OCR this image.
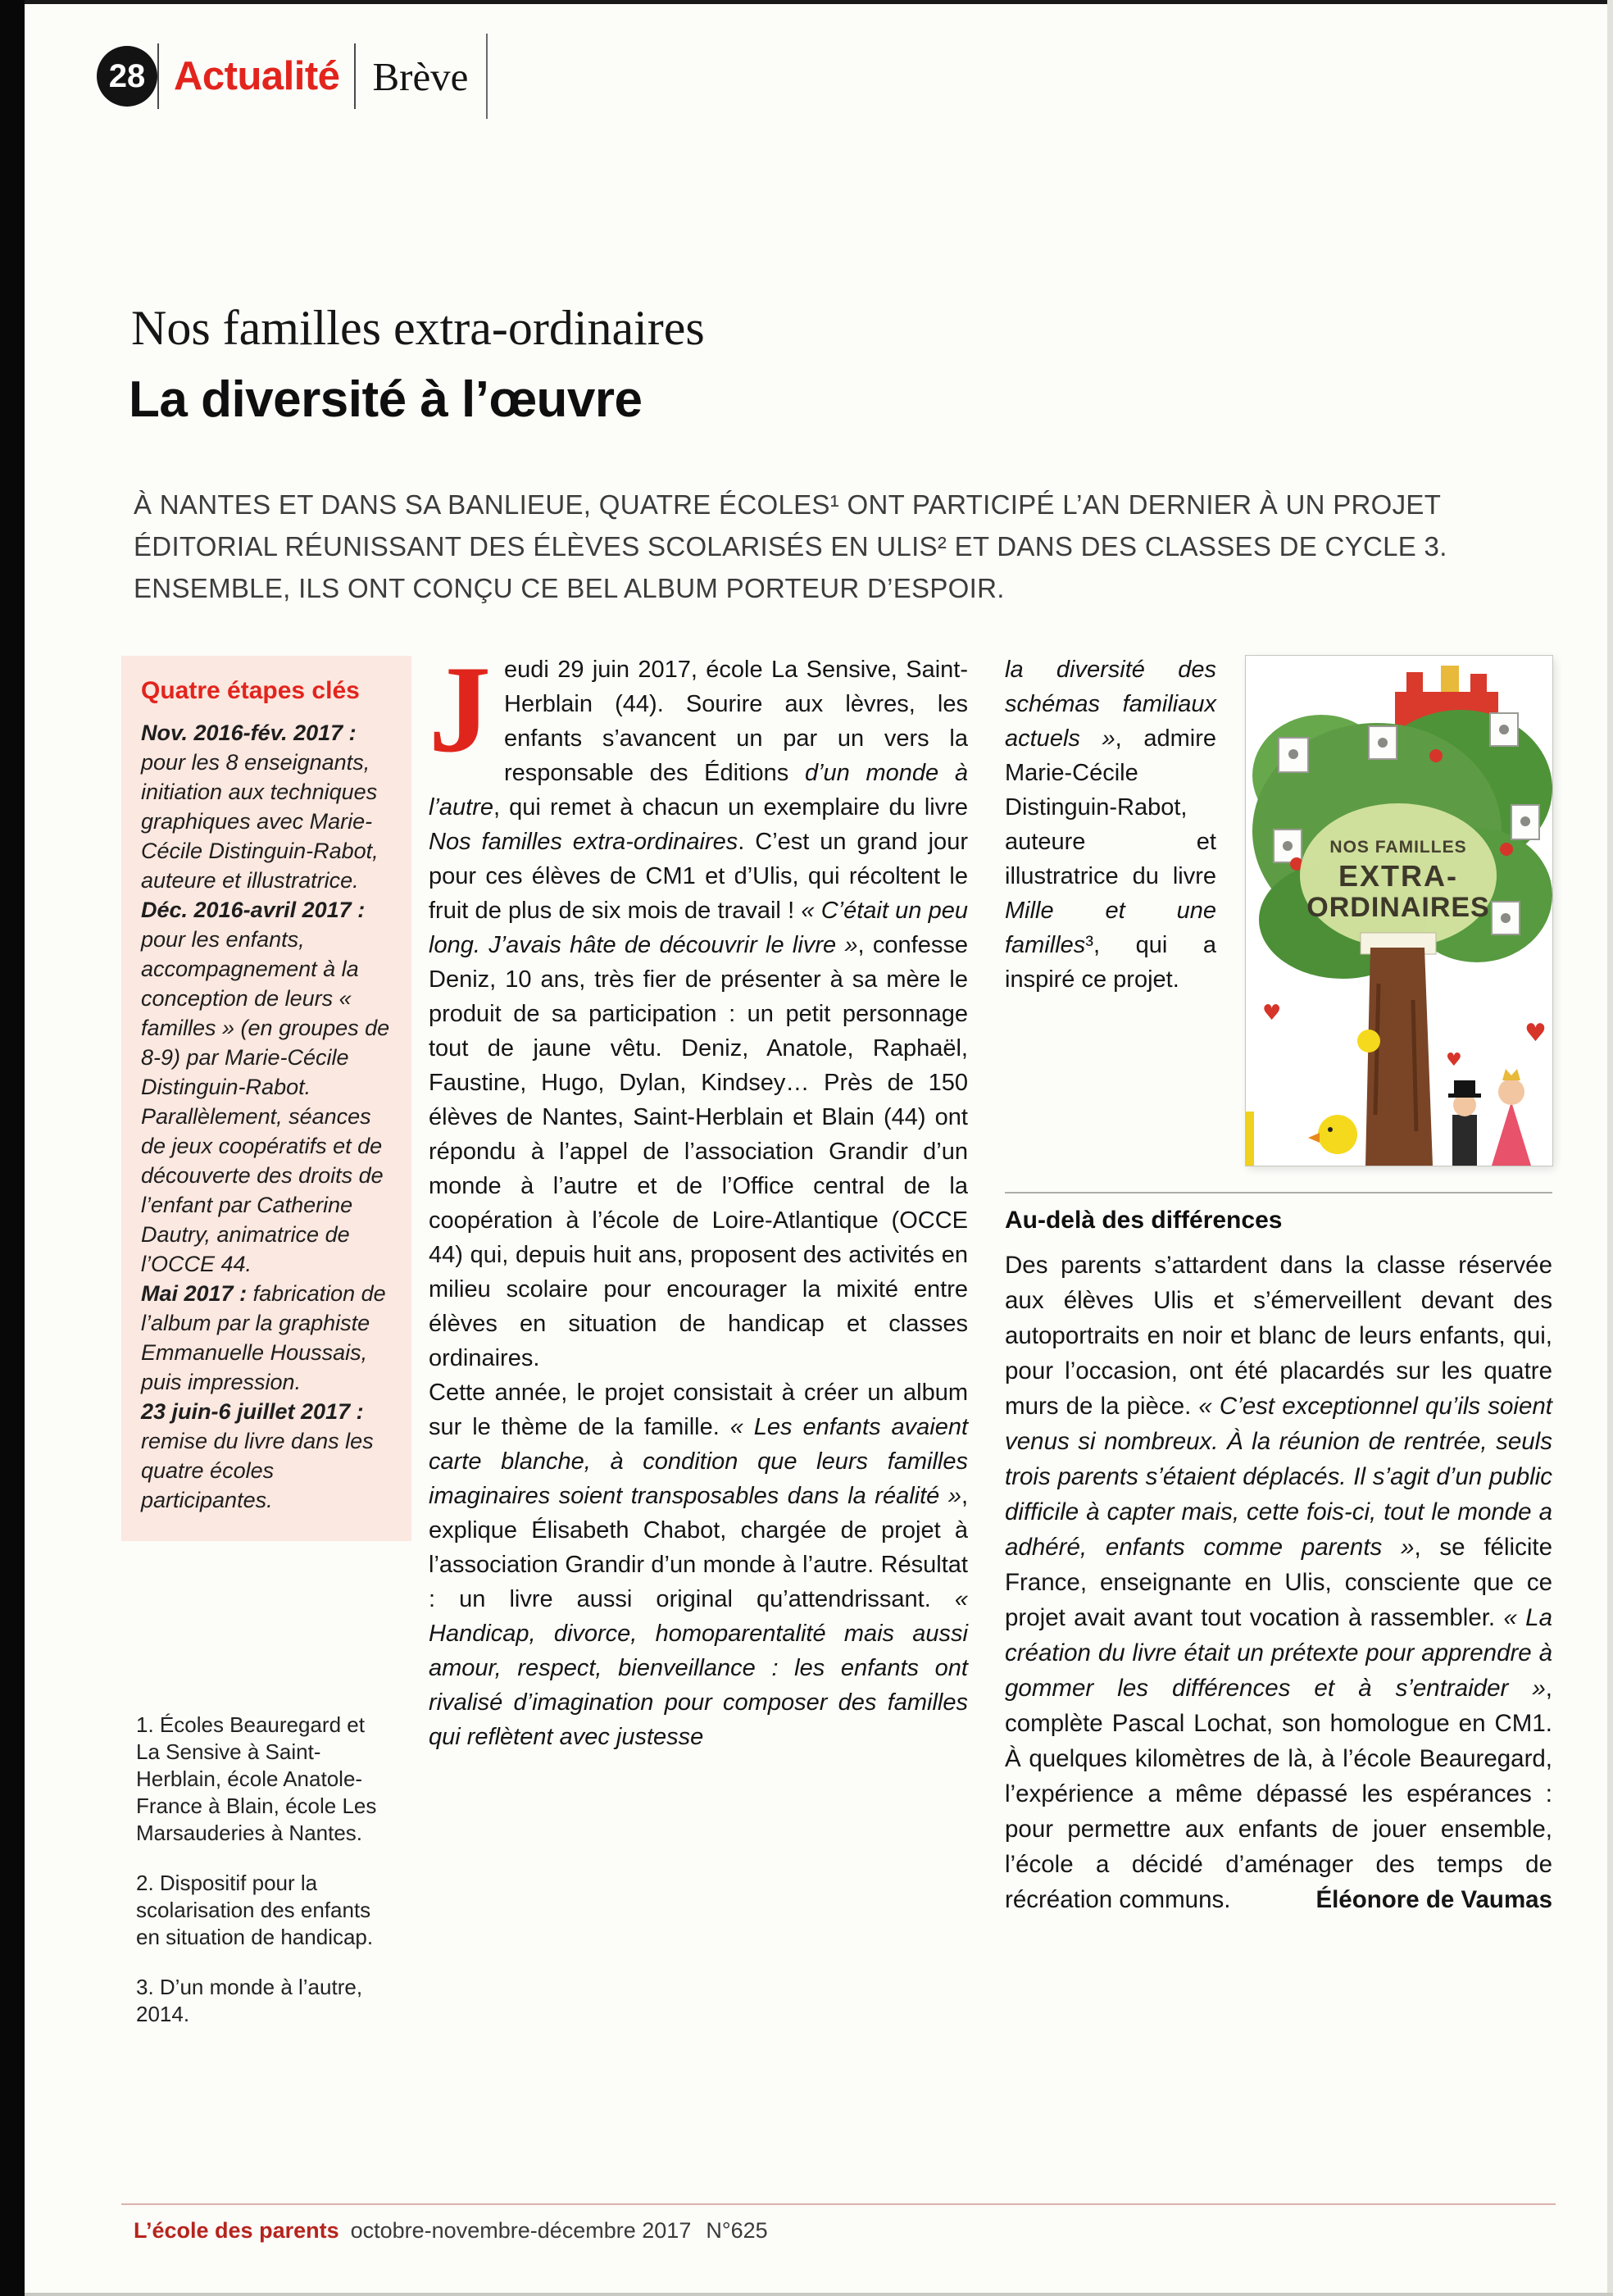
28 Actualité Brève
Nos familles extra-ordinaires
La diversité à l’œuvre
À NANTES ET DANS SA BANLIEUE, QUATRE ÉCOLES¹ ONT PARTICIPÉ L’AN DERNIER À UN PROJET ÉDITORIAL RÉUNISSANT DES ÉLÈVES SCOLARISÉS EN ULIS² ET DANS DES CLASSES DE CYCLE 3. ENSEMBLE, ILS ONT CONÇU CE BEL ALBUM PORTEUR D’ESPOIR.
Quatre étapes clés
Nov. 2016-fév. 2017 : pour les 8 enseignants, initiation aux techniques graphiques avec Marie-Cécile Distinguin-Rabot, auteure et illustratrice.
Déc. 2016-avril 2017 : pour les enfants, accompagnement à la conception de leurs « familles » (en groupes de 8-9) par Marie-Cécile Distinguin-Rabot. Parallèlement, séances de jeux coopératifs et de découverte des droits de l’enfant par Catherine Dautry, animatrice de l’OCCE 44.
Mai 2017 : fabrication de l’album par la graphiste Emmanuelle Houssais, puis impression.
23 juin-6 juillet 2017 : remise du livre dans les quatre écoles participantes.

1. Écoles Beauregard et La Sensive à Saint-Herblain, école Anatole-France à Blain, école Les Marsauderies à Nantes.

2. Dispositif pour la scolarisation des enfants en situation de handicap.

3. D’un monde à l’autre, 2014.

Jeudi 29 juin 2017, école La Sensive, Saint-Herblain (44). Sourire aux lèvres, les enfants s’avancent un par un vers la responsable des Éditions d’un monde à l’autre, qui remet à chacun un exemplaire du livre Nos familles extra-ordinaires. C’est un grand jour pour ces élèves de CM1 et d’Ulis, qui récoltent le fruit de plus de six mois de travail ! « C’était un peu long. J’avais hâte de découvrir le livre », confesse Deniz, 10 ans, très fier de présenter à sa mère le produit de sa participation : un petit personnage tout de jaune vêtu. Deniz, Anatole, Raphaël, Faustine, Hugo, Dylan, Kindsey… Près de 150 élèves de Nantes, Saint-Herblain et Blain (44) ont répondu à l’appel de l’association Grandir d’un monde à l’autre et de l’Office central de la coopération à l’école de Loire-Atlantique (OCCE 44) qui, depuis huit ans, proposent des activités en milieu scolaire pour encourager la mixité entre élèves en situation de handicap et classes ordinaires.

Cette année, le projet consistait à créer un album sur le thème de la famille. « Les enfants avaient carte blanche, à condition que leurs familles imaginaires soient transposables dans la réalité », explique Élisabeth Chabot, chargée de projet à l’association Grandir d’un monde à l’autre. Résultat : un livre aussi original qu’attendrissant. « Handicap, divorce, homoparentalité mais aussi amour, respect, bienveillance : les enfants ont rivalisé d’imagination pour composer des familles qui reflètent avec justesse

la diversité des schémas familiaux actuels », admire Marie-Cécile Distinguin-Rabot, auteure et illustratrice du livre Mille et une familles³, qui a inspiré ce projet.
NOS FAMILLES
EXTRA-
ORDINAIRES
♥
♥
♥
Au-delà des différences
Des parents s’attardent dans la classe réservée aux élèves Ulis et s’émerveillent devant des autoportraits en noir et blanc de leurs enfants, qui, pour l’occasion, ont été placardés sur les quatre murs de la pièce. « C’est exceptionnel qu’ils soient venus si nombreux. À la réunion de rentrée, seuls trois parents s’étaient déplacés. Il s’agit d’un public difficile à capter mais, cette fois-ci, tout le monde a adhéré, enfants comme parents », se félicite France, enseignante en Ulis, consciente que ce projet avait avant tout vocation à rassembler. « La création du livre était un prétexte pour apprendre à gommer les différences et à s’entraider », complète Pascal Lochat, son homologue en CM1. À quelques kilomètres de là, à l’école Beauregard, l’expérience a même dépassé les espérances : pour permettre aux enfants de jouer ensemble, l’école a décidé d’aménager des temps de récréation communs.	Éléonore de Vaumas
L’école des parents octobre-novembre-décembre 2017 N°625
